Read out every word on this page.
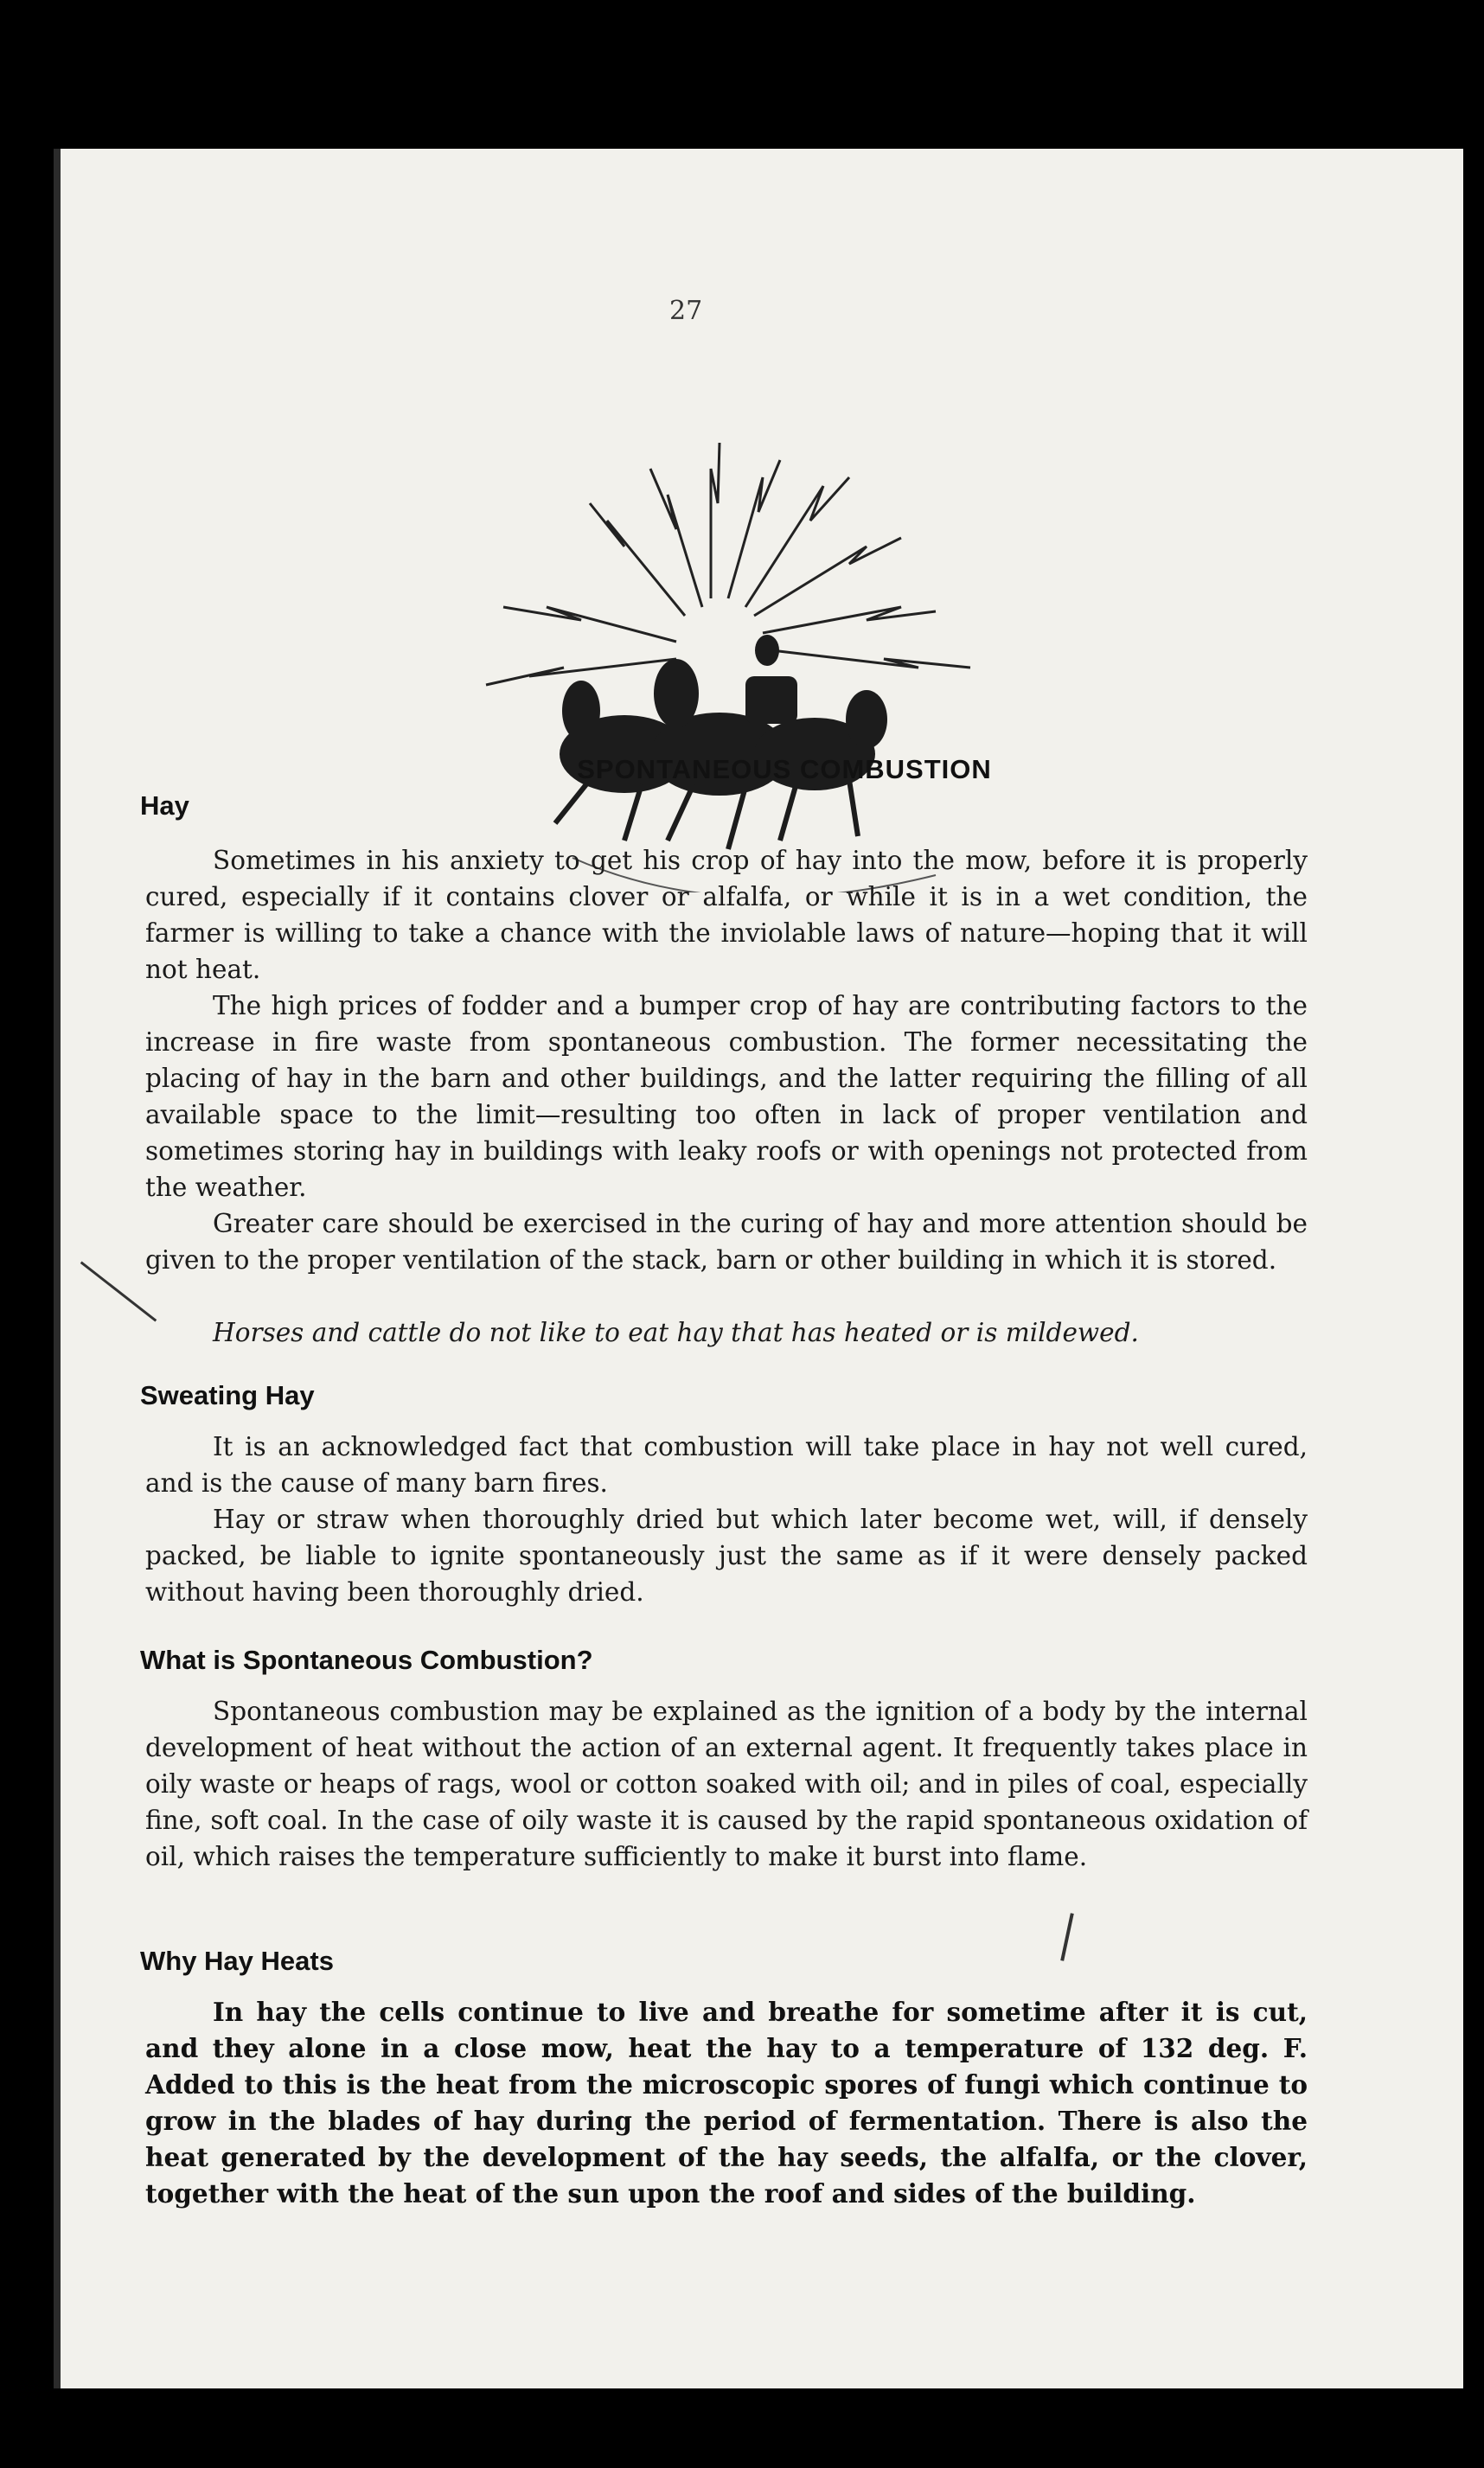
27
SPONTANEOUS COMBUSTION
Hay

Sometimes in his anxiety to get his crop of hay into the mow, before it is properly cured, especially if it contains clover or alfalfa, or while it is in a wet condition, the farmer is willing to take a chance with the inviolable laws of nature—hoping that it will not heat.

The high prices of fodder and a bumper crop of hay are contributing factors to the increase in fire waste from spontaneous combustion. The former necessitating the placing of hay in the barn and other buildings, and the latter requiring the filling of all available space to the limit—resulting too often in lack of proper ventilation and sometimes storing hay in buildings with leaky roofs or with openings not protected from the weather.

Greater care should be exercised in the curing of hay and more attention should be given to the proper ventilation of the stack, barn or other building in which it is stored.

Horses and cattle do not like to eat hay that has heated or is mildewed.

Sweating Hay

It is an acknowledged fact that combustion will take place in hay not well cured, and is the cause of many barn fires.

Hay or straw when thoroughly dried but which later become wet, will, if densely packed, be liable to ignite spontaneously just the same as if it were densely packed without having been thoroughly dried.

What is Spontaneous Combustion?

Spontaneous combustion may be explained as the ignition of a body by the internal development of heat without the action of an external agent. It frequently takes place in oily waste or heaps of rags, wool or cotton soaked with oil; and in piles of coal, especially fine, soft coal. In the case of oily waste it is caused by the rapid spontaneous oxidation of oil, which raises the temperature sufficiently to make it burst into flame.

Why Hay Heats

In hay the cells continue to live and breathe for sometime after it is cut, and they alone in a close mow, heat the hay to a temperature of 132 deg. F. Added to this is the heat from the microscopic spores of fungi which continue to grow in the blades of hay during the period of fermentation. There is also the heat generated by the development of the hay seeds, the alfalfa, or the clover, together with the heat of the sun upon the roof and sides of the building.
